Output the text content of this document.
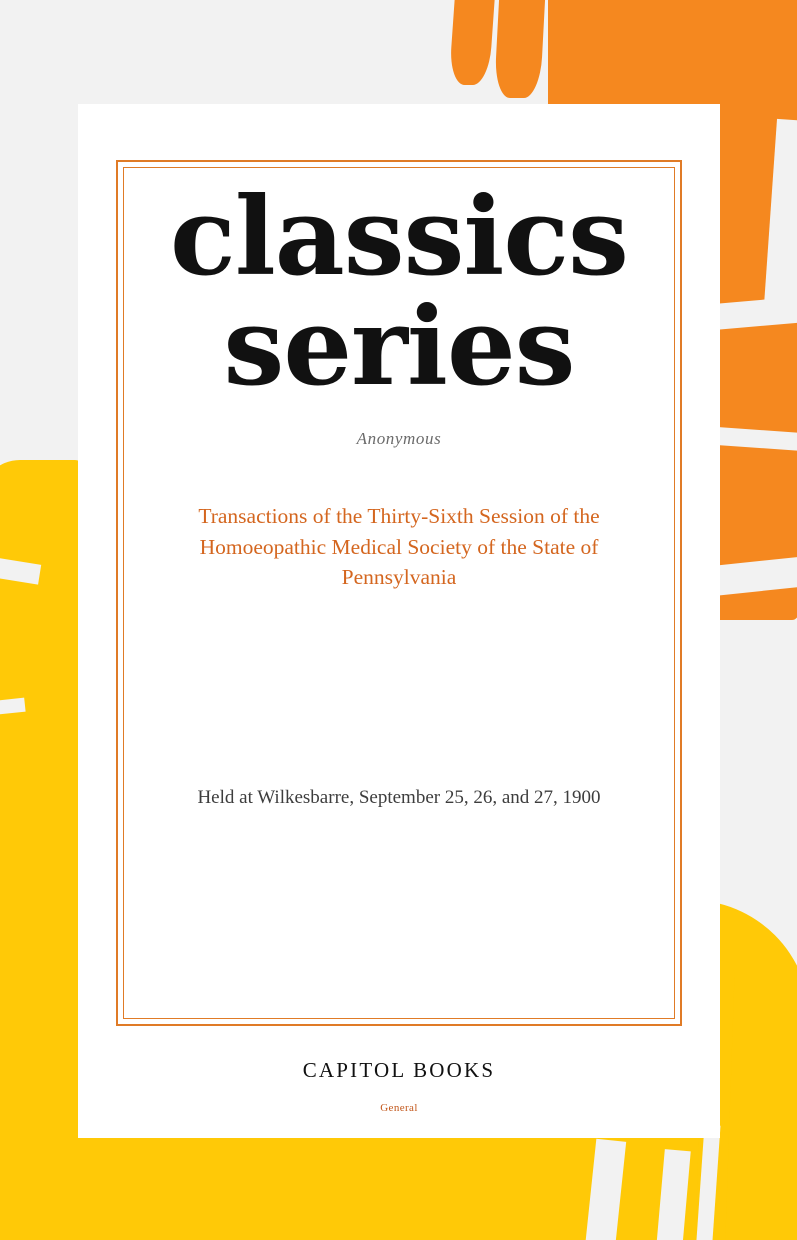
classics
series
Anonymous
Transactions of the Thirty-Sixth Session of the Homoeopathic Medical Society of the State of Pennsylvania
Held at Wilkesbarre, September 25, 26, and 27, 1900
CAPITOL BOOKS
General
